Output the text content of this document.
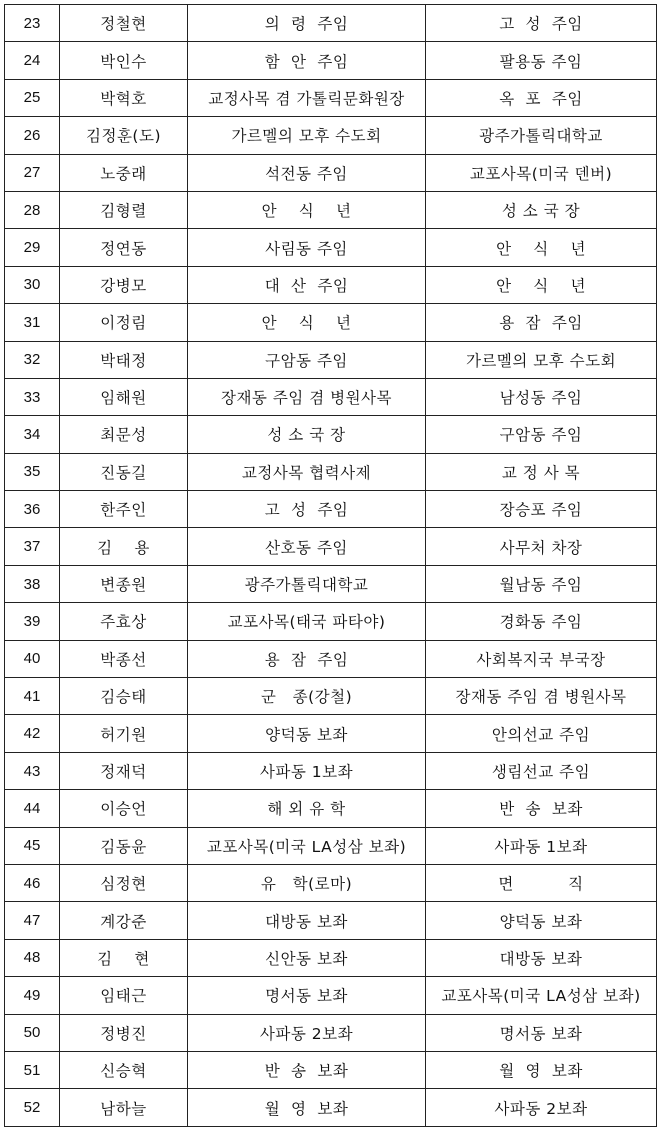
23	정철현	의  령  주임	고  성  주임
24	박인수	함  안  주임	팔용동 주임
25	박혁호	교정사목 겸 가톨릭문화원장	옥  포  주임
26	김정훈(도)	가르멜의 모후 수도회	광주가톨릭대학교
27	노중래	석전동 주임	교포사목(미국 덴버)
28	김형렬	안    식    년	성 소 국 장
29	정연동	사림동 주임	안    식    년
30	강병모	대  산  주임	안    식    년
31	이정림	안    식    년	용  잠  주임
32	박태정	구암동 주임	가르멜의 모후 수도회
33	임해원	장재동 주임 겸 병원사목	남성동 주임
34	최문성	성 소 국 장	구암동 주임
35	진동길	교정사목 협력사제	교 정 사 목
36	한주인	고  성  주임	장승포 주임
37	김    용	산호동 주임	사무처 차장
38	변종원	광주가톨릭대학교	월남동 주임
39	주효상	교포사목(태국 파타야)	경화동 주임
40	박종선	용  잠  주임	사회복지국 부국장
41	김승태	군   종(강철)	장재동 주임 겸 병원사목
42	허기원	양덕동 보좌	안의선교 주임
43	정재덕	사파동 1보좌	생림선교 주임
44	이승언	해 외 유 학	반  송  보좌
45	김동윤	교포사목(미국 LA성삼 보좌)	사파동 1보좌
46	심정현	유   학(로마)	면          직
47	계강준	대방동 보좌	양덕동 보좌
48	김    현	신안동 보좌	대방동 보좌
49	임태근	명서동 보좌	교포사목(미국 LA성삼 보좌)
50	정병진	사파동 2보좌	명서동 보좌
51	신승혁	반  송  보좌	월  영  보좌
52	남하늘	월  영  보좌	사파동 2보좌
